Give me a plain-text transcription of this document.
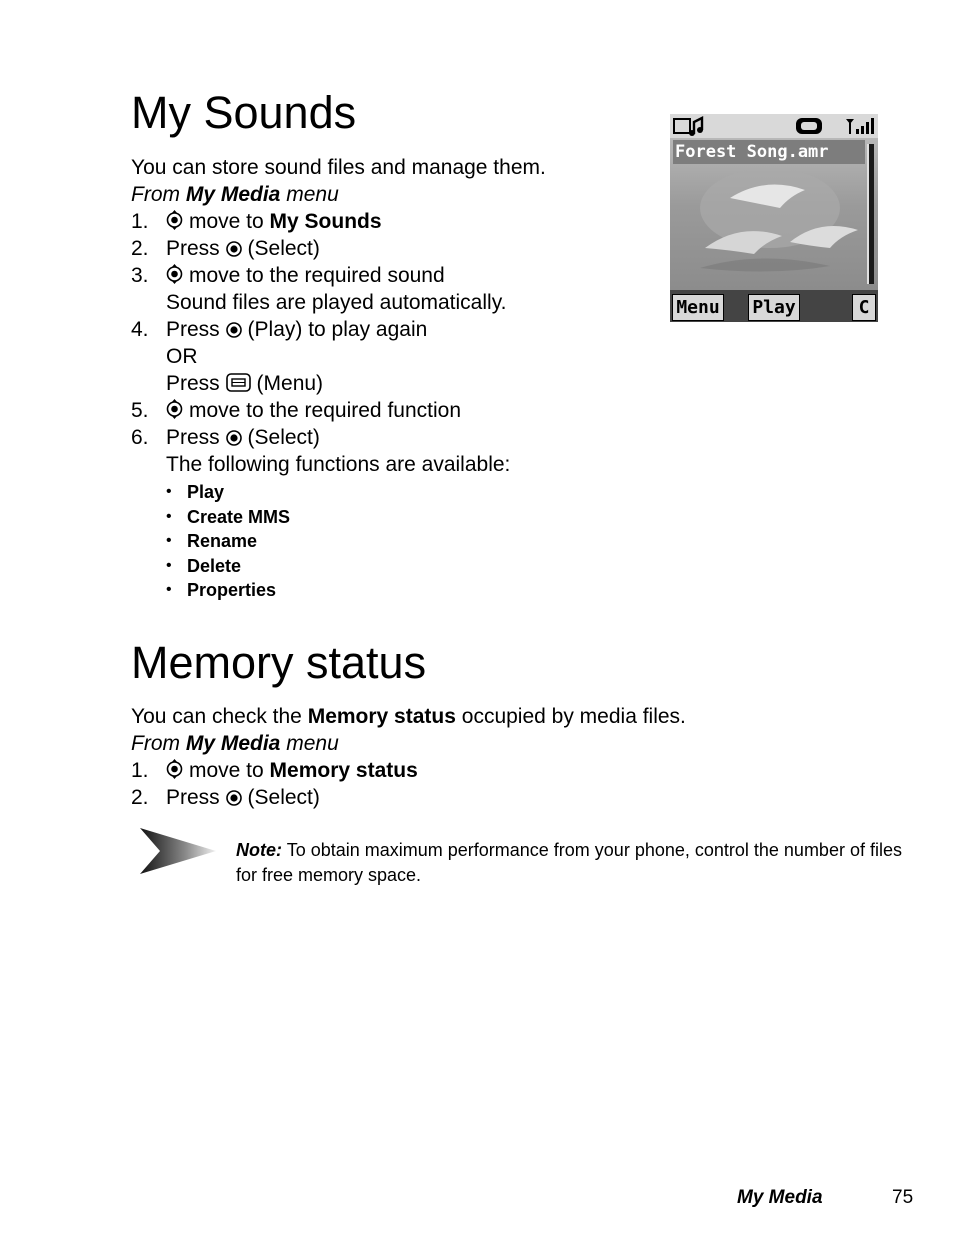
My Sounds
You can store sound files and manage them.
From My Media menu
1. move to My Sounds
2. Press (Select)
3. move to the required sound
Sound files are played automatically.
4. Press (Play) to play again
OR
Press (Menu)
5. move to the required function
6. Press (Select)
The following functions are available:
• Play
• Create MMS
• Rename
• Delete
• Properties
Forest Song.amr
Menu Play	C
Memory status
You can check the Memory status occupied by media files.
From My Media menu
1. move to Memory status
2. Press (Select)
Note: To obtain maximum performance from your phone, control the number of files for free memory space.
My Media	75
